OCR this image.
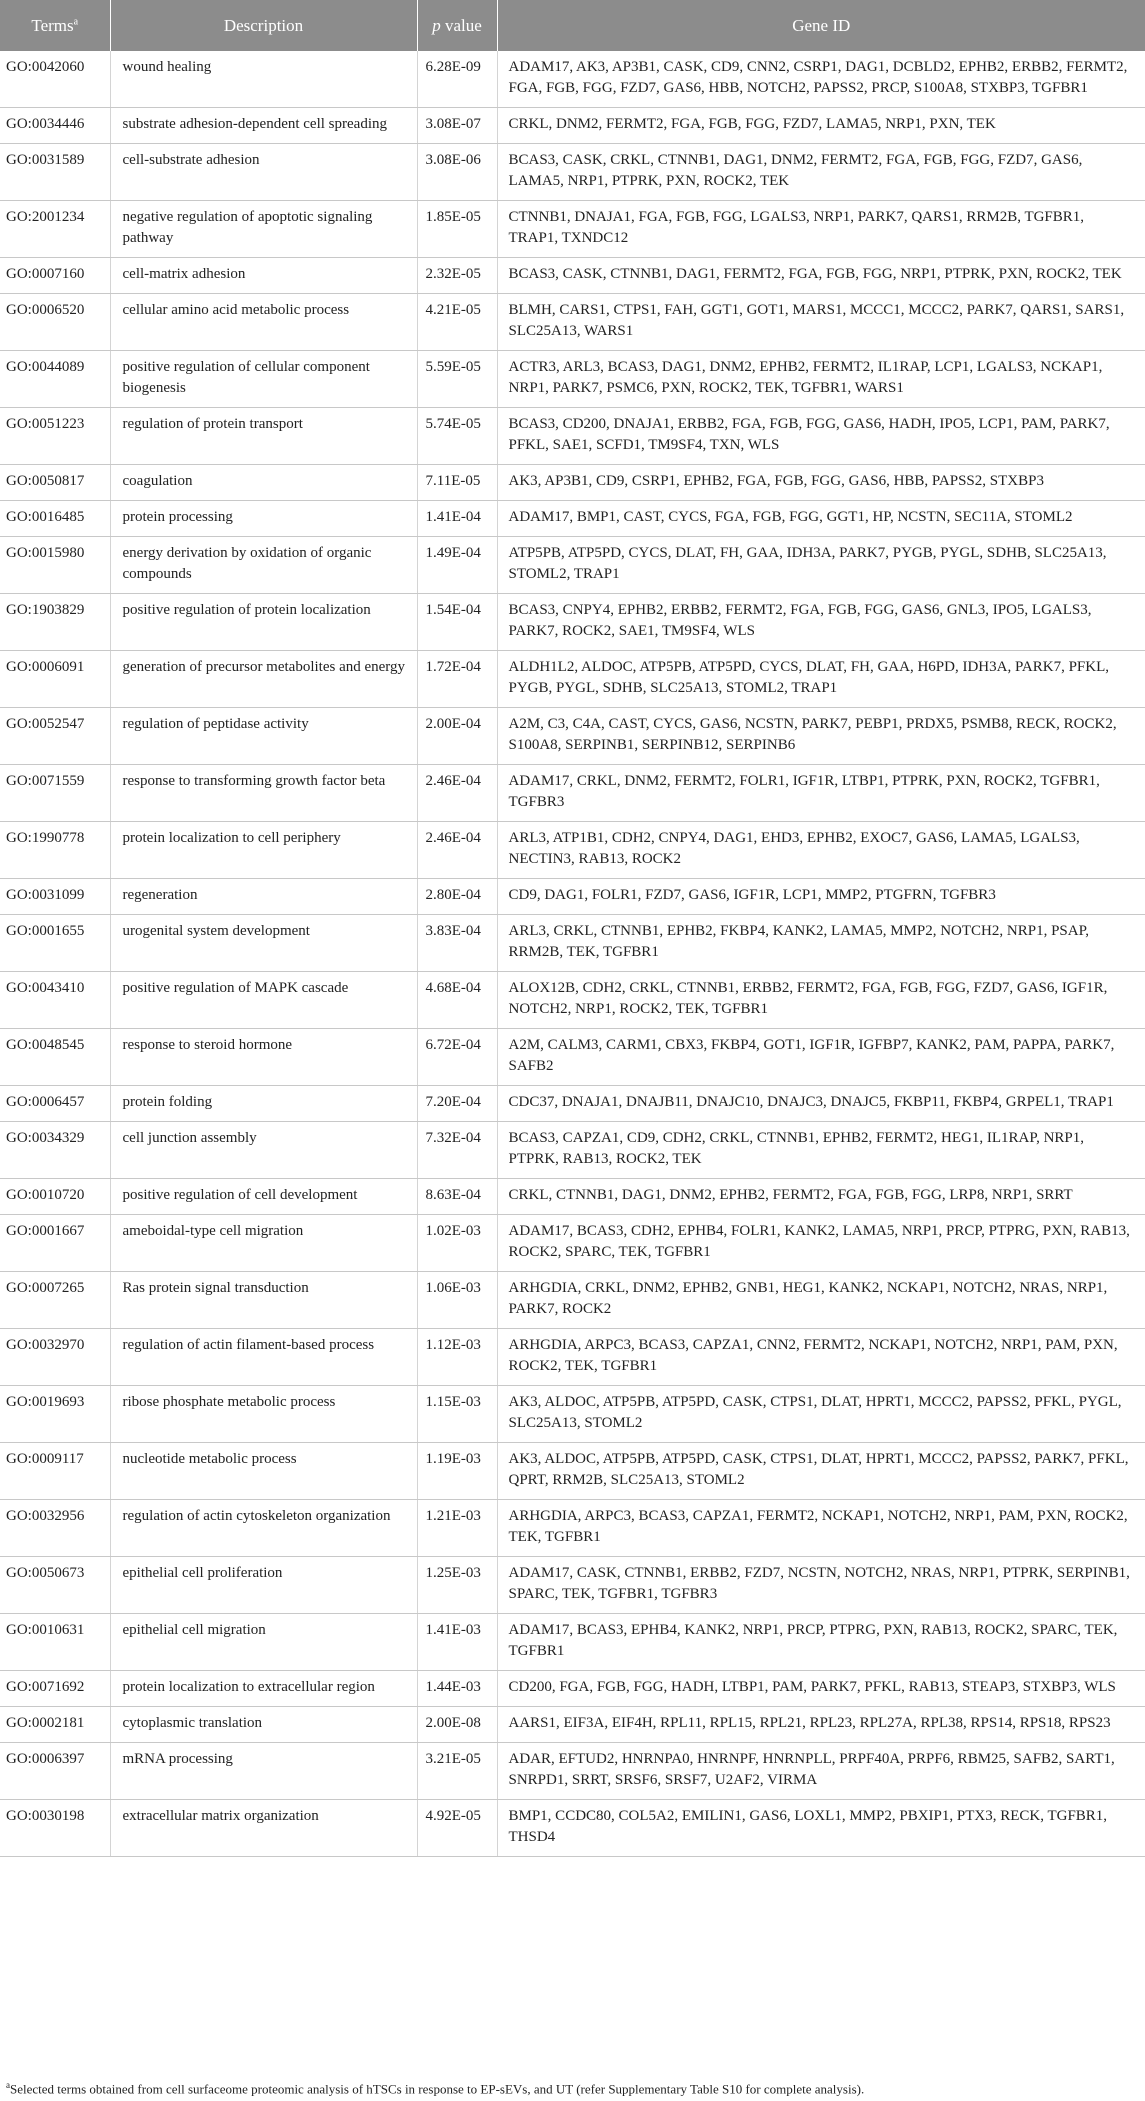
Terms$^a$	Description	p value	Gene ID
GO:0042060	wound healing	6.28E-09	ADAM17, AK3, AP3B1, CASK, CD9, CNN2, CSRP1, DAG1, DCBLD2, EPHB2, ERBB2, FERMT2, FGA, FGB, FGG, FZD7, GAS6, HBB, NOTCH2, PAPSS2, PRCP, S100A8, STXBP3, TGFBR1
GO:0034446	substrate adhesion-dependent cell spreading	3.08E-07	CRKL, DNM2, FERMT2, FGA, FGB, FGG, FZD7, LAMA5, NRP1, PXN, TEK
GO:0031589	cell-substrate adhesion	3.08E-06	BCAS3, CASK, CRKL, CTNNB1, DAG1, DNM2, FERMT2, FGA, FGB, FGG, FZD7, GAS6, LAMA5, NRP1, PTPRK, PXN, ROCK2, TEK
GO:2001234	negative regulation of apoptotic signaling pathway	1.85E-05	CTNNB1, DNAJA1, FGA, FGB, FGG, LGALS3, NRP1, PARK7, QARS1, RRM2B, TGFBR1, TRAP1, TXNDC12
GO:0007160	cell-matrix adhesion	2.32E-05	BCAS3, CASK, CTNNB1, DAG1, FERMT2, FGA, FGB, FGG, NRP1, PTPRK, PXN, ROCK2, TEK
GO:0006520	cellular amino acid metabolic process	4.21E-05	BLMH, CARS1, CTPS1, FAH, GGT1, GOT1, MARS1, MCCC1, MCCC2, PARK7, QARS1, SARS1, SLC25A13, WARS1
GO:0044089	positive regulation of cellular component biogenesis	5.59E-05	ACTR3, ARL3, BCAS3, DAG1, DNM2, EPHB2, FERMT2, IL1RAP, LCP1, LGALS3, NCKAP1, NRP1, PARK7, PSMC6, PXN, ROCK2, TEK, TGFBR1, WARS1
GO:0051223	regulation of protein transport	5.74E-05	BCAS3, CD200, DNAJA1, ERBB2, FGA, FGB, FGG, GAS6, HADH, IPO5, LCP1, PAM, PARK7, PFKL, SAE1, SCFD1, TM9SF4, TXN, WLS
GO:0050817	coagulation	7.11E-05	AK3, AP3B1, CD9, CSRP1, EPHB2, FGA, FGB, FGG, GAS6, HBB, PAPSS2, STXBP3
GO:0016485	protein processing	1.41E-04	ADAM17, BMP1, CAST, CYCS, FGA, FGB, FGG, GGT1, HP, NCSTN, SEC11A, STOML2
GO:0015980	energy derivation by oxidation of organic compounds	1.49E-04	ATP5PB, ATP5PD, CYCS, DLAT, FH, GAA, IDH3A, PARK7, PYGB, PYGL, SDHB, SLC25A13, STOML2, TRAP1
GO:1903829	positive regulation of protein localization	1.54E-04	BCAS3, CNPY4, EPHB2, ERBB2, FERMT2, FGA, FGB, FGG, GAS6, GNL3, IPO5, LGALS3, PARK7, ROCK2, SAE1, TM9SF4, WLS
GO:0006091	generation of precursor metabolites and energy	1.72E-04	ALDH1L2, ALDOC, ATP5PB, ATP5PD, CYCS, DLAT, FH, GAA, H6PD, IDH3A, PARK7, PFKL, PYGB, PYGL, SDHB, SLC25A13, STOML2, TRAP1
GO:0052547	regulation of peptidase activity	2.00E-04	A2M, C3, C4A, CAST, CYCS, GAS6, NCSTN, PARK7, PEBP1, PRDX5, PSMB8, RECK, ROCK2, S100A8, SERPINB1, SERPINB12, SERPINB6
GO:0071559	response to transforming growth factor beta	2.46E-04	ADAM17, CRKL, DNM2, FERMT2, FOLR1, IGF1R, LTBP1, PTPRK, PXN, ROCK2, TGFBR1, TGFBR3
GO:1990778	protein localization to cell periphery	2.46E-04	ARL3, ATP1B1, CDH2, CNPY4, DAG1, EHD3, EPHB2, EXOC7, GAS6, LAMA5, LGALS3, NECTIN3, RAB13, ROCK2
GO:0031099	regeneration	2.80E-04	CD9, DAG1, FOLR1, FZD7, GAS6, IGF1R, LCP1, MMP2, PTGFRN, TGFBR3
GO:0001655	urogenital system development	3.83E-04	ARL3, CRKL, CTNNB1, EPHB2, FKBP4, KANK2, LAMA5, MMP2, NOTCH2, NRP1, PSAP, RRM2B, TEK, TGFBR1
GO:0043410	positive regulation of MAPK cascade	4.68E-04	ALOX12B, CDH2, CRKL, CTNNB1, ERBB2, FERMT2, FGA, FGB, FGG, FZD7, GAS6, IGF1R, NOTCH2, NRP1, ROCK2, TEK, TGFBR1
GO:0048545	response to steroid hormone	6.72E-04	A2M, CALM3, CARM1, CBX3, FKBP4, GOT1, IGF1R, IGFBP7, KANK2, PAM, PAPPA, PARK7, SAFB2
GO:0006457	protein folding	7.20E-04	CDC37, DNAJA1, DNAJB11, DNAJC10, DNAJC3, DNAJC5, FKBP11, FKBP4, GRPEL1, TRAP1
GO:0034329	cell junction assembly	7.32E-04	BCAS3, CAPZA1, CD9, CDH2, CRKL, CTNNB1, EPHB2, FERMT2, HEG1, IL1RAP, NRP1, PTPRK, RAB13, ROCK2, TEK
GO:0010720	positive regulation of cell development	8.63E-04	CRKL, CTNNB1, DAG1, DNM2, EPHB2, FERMT2, FGA, FGB, FGG, LRP8, NRP1, SRRT
GO:0001667	ameboidal-type cell migration	1.02E-03	ADAM17, BCAS3, CDH2, EPHB4, FOLR1, KANK2, LAMA5, NRP1, PRCP, PTPRG, PXN, RAB13, ROCK2, SPARC, TEK, TGFBR1
GO:0007265	Ras protein signal transduction	1.06E-03	ARHGDIA, CRKL, DNM2, EPHB2, GNB1, HEG1, KANK2, NCKAP1, NOTCH2, NRAS, NRP1, PARK7, ROCK2
GO:0032970	regulation of actin filament-based process	1.12E-03	ARHGDIA, ARPC3, BCAS3, CAPZA1, CNN2, FERMT2, NCKAP1, NOTCH2, NRP1, PAM, PXN, ROCK2, TEK, TGFBR1
GO:0019693	ribose phosphate metabolic process	1.15E-03	AK3, ALDOC, ATP5PB, ATP5PD, CASK, CTPS1, DLAT, HPRT1, MCCC2, PAPSS2, PFKL, PYGL, SLC25A13, STOML2
GO:0009117	nucleotide metabolic process	1.19E-03	AK3, ALDOC, ATP5PB, ATP5PD, CASK, CTPS1, DLAT, HPRT1, MCCC2, PAPSS2, PARK7, PFKL, QPRT, RRM2B, SLC25A13, STOML2
GO:0032956	regulation of actin cytoskeleton organization	1.21E-03	ARHGDIA, ARPC3, BCAS3, CAPZA1, FERMT2, NCKAP1, NOTCH2, NRP1, PAM, PXN, ROCK2, TEK, TGFBR1
GO:0050673	epithelial cell proliferation	1.25E-03	ADAM17, CASK, CTNNB1, ERBB2, FZD7, NCSTN, NOTCH2, NRAS, NRP1, PTPRK, SERPINB1, SPARC, TEK, TGFBR1, TGFBR3
GO:0010631	epithelial cell migration	1.41E-03	ADAM17, BCAS3, EPHB4, KANK2, NRP1, PRCP, PTPRG, PXN, RAB13, ROCK2, SPARC, TEK, TGFBR1
GO:0071692	protein localization to extracellular region	1.44E-03	CD200, FGA, FGB, FGG, HADH, LTBP1, PAM, PARK7, PFKL, RAB13, STEAP3, STXBP3, WLS
GO:0002181	cytoplasmic translation	2.00E-08	AARS1, EIF3A, EIF4H, RPL11, RPL15, RPL21, RPL23, RPL27A, RPL38, RPS14, RPS18, RPS23
GO:0006397	mRNA processing	3.21E-05	ADAR, EFTUD2, HNRNPA0, HNRNPF, HNRNPLL, PRPF40A, PRPF6, RBM25, SAFB2, SART1, SNRPD1, SRRT, SRSF6, SRSF7, U2AF2, VIRMA
GO:0030198	extracellular matrix organization	4.92E-05	BMP1, CCDC80, COL5A2, EMILIN1, GAS6, LOXL1, MMP2, PBXIP1, PTX3, RECK, TGFBR1, THSD4
$^a$Selected terms obtained from cell surfaceome proteomic analysis of hTSCs in response to EP-sEVs, and UT (refer Supplementary Table S10 for complete analysis).
